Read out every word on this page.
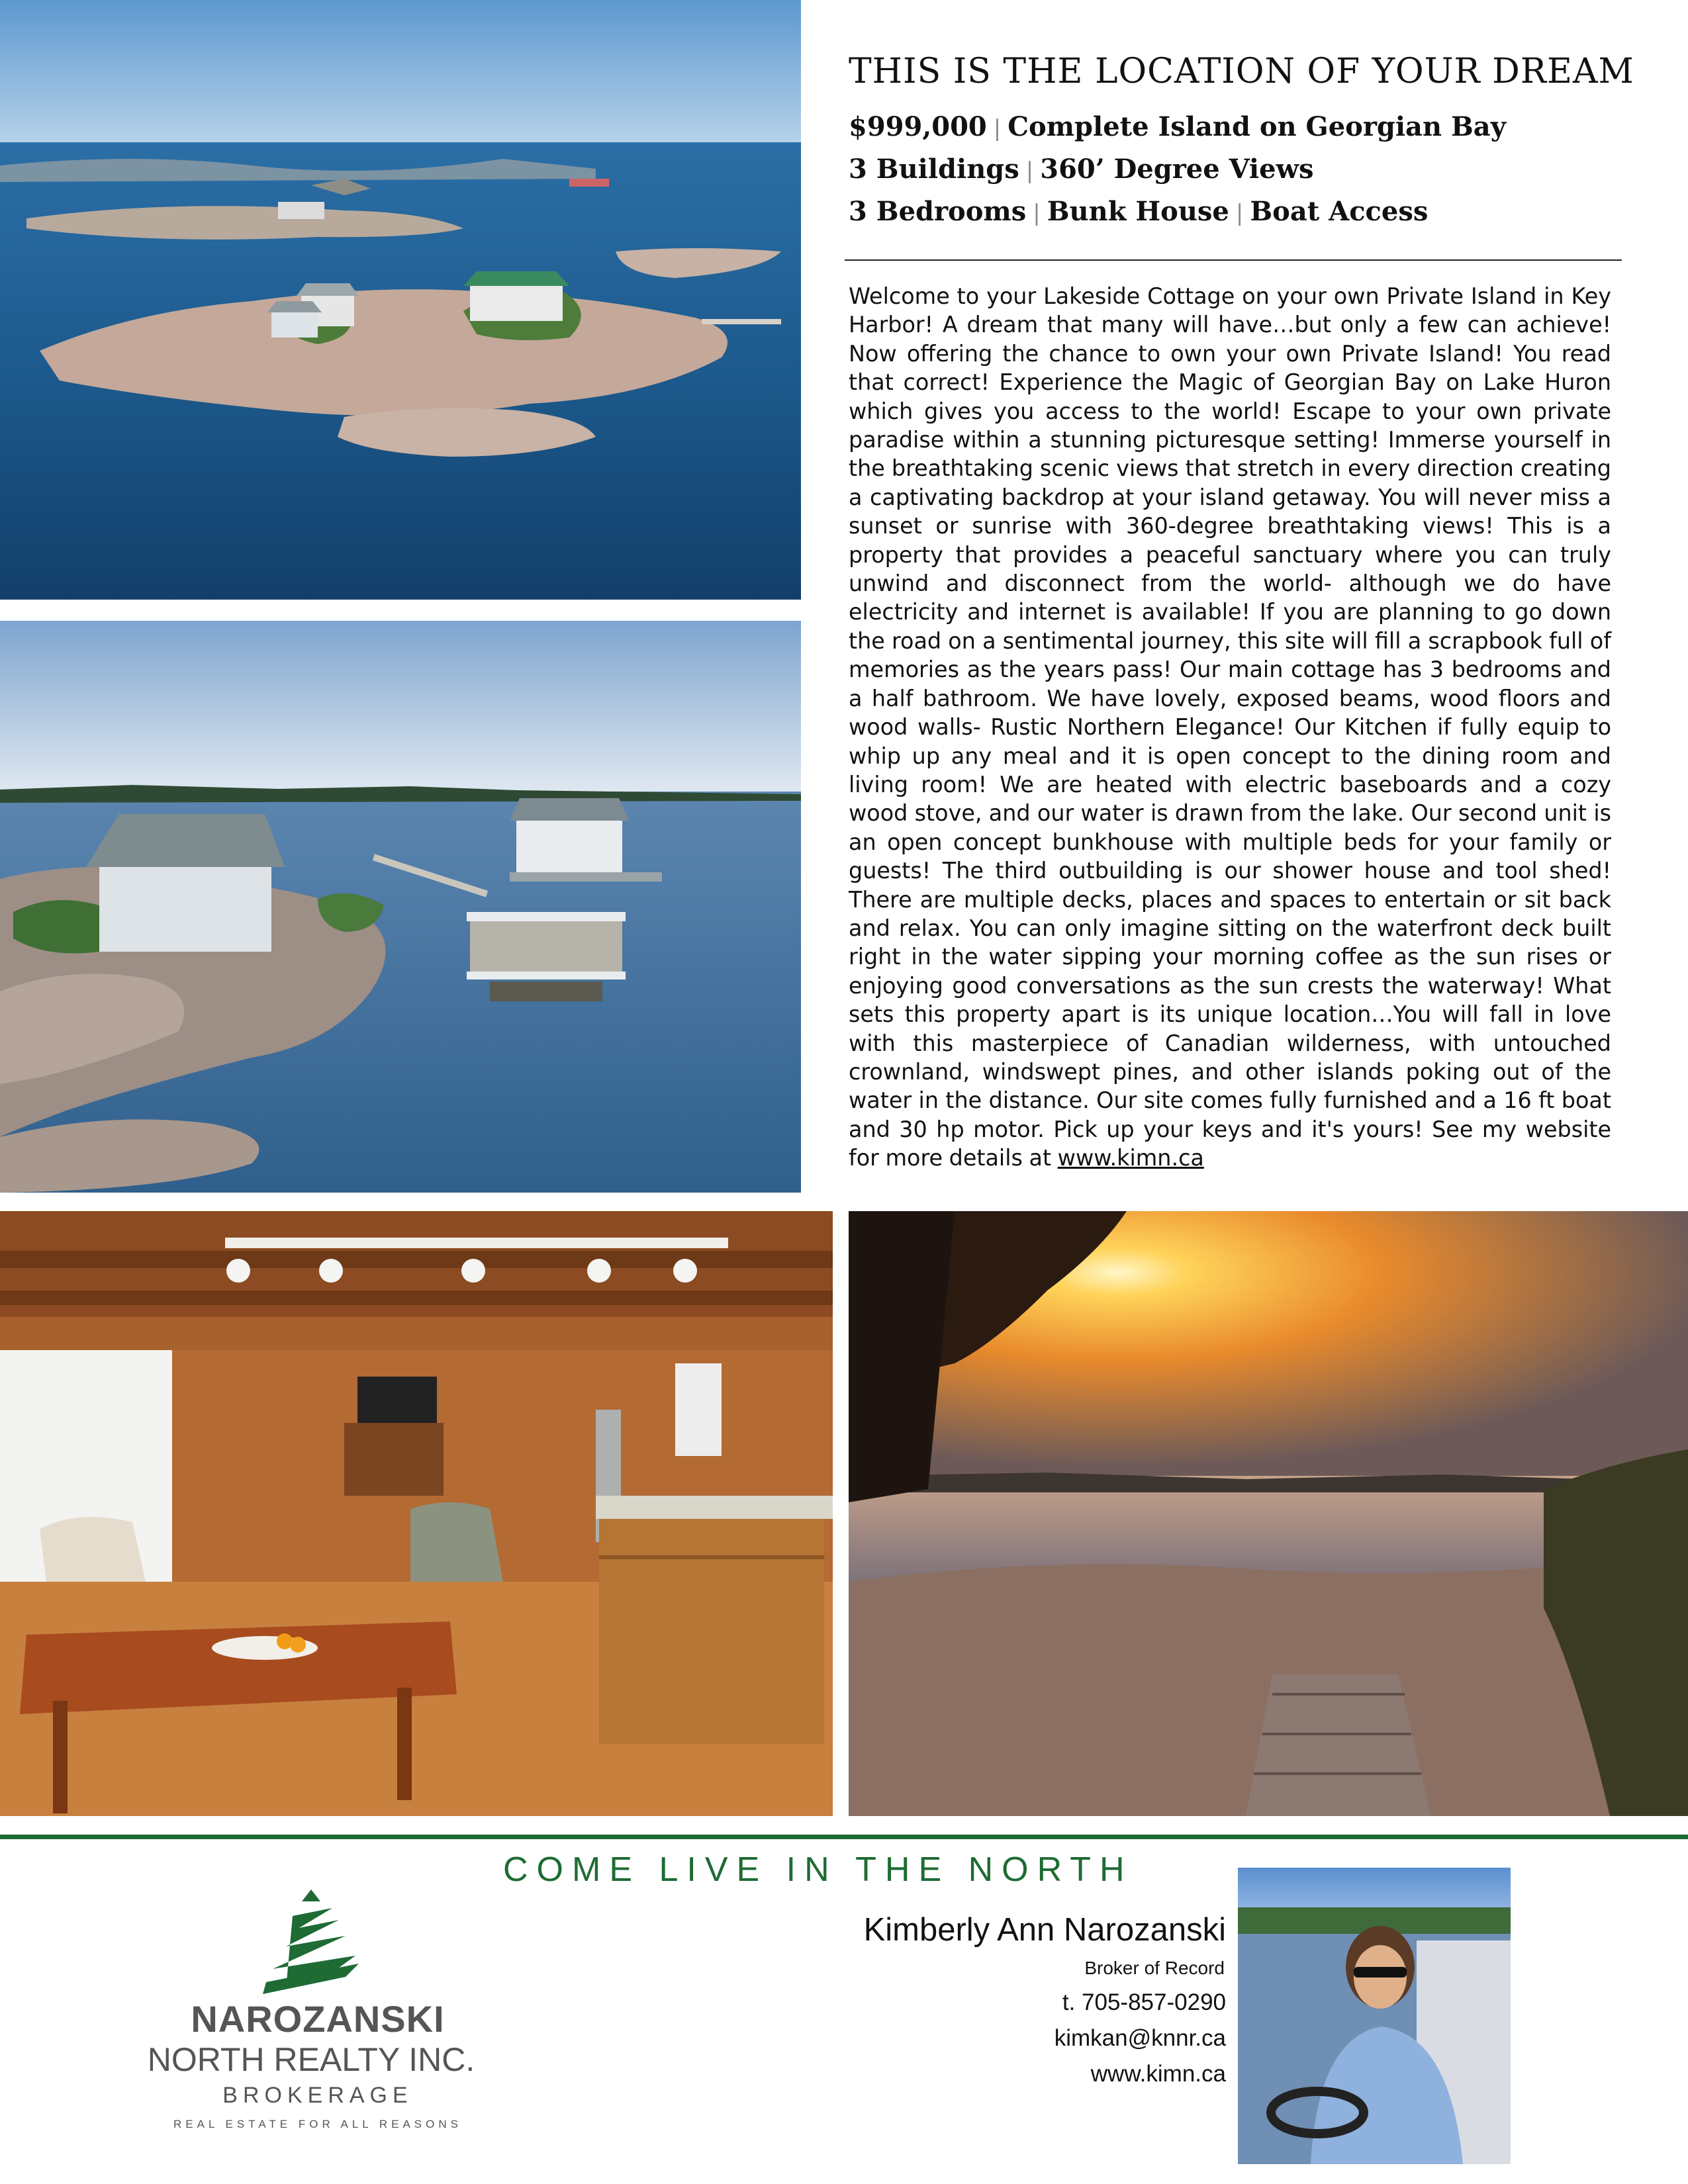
THIS IS THE LOCATION OF YOUR DREAM
$999,000 | Complete Island on Georgian Bay
3 Buildings | 360’ Degree Views
3 Bedrooms | Bunk House | Boat Access
Welcome to your Lakeside Cottage on your own Private Island in Key Harbor! A dream that many will have…but only a few can achieve! Now offering the chance to own your own Private Island! You read that correct! Experience the Magic of Georgian Bay on Lake Huron which gives you access to the world! Escape to your own private paradise within a stunning picturesque setting! Immerse yourself in the breathtaking scenic views that stretch in every direction creating a captivating backdrop at your island getaway. You will never miss a sunset or sunrise with 360-degree breathtaking views! This is a property that provides a peaceful sanctuary where you can truly unwind and disconnect from the world- although we do have electricity and internet is available! If you are planning to go down the road on a sentimental journey, this site will fill a scrapbook full of memories as the years pass! Our main cottage has 3 bedrooms and a half bathroom. We have lovely, exposed beams, wood floors and wood walls- Rustic Northern Elegance! Our Kitchen if fully equip to whip up any meal and it is open concept to the dining room and living room! We are heated with electric baseboards and a cozy wood stove, and our water is drawn from the lake. Our second unit is an open concept bunkhouse with multiple beds for your family or guests! The third outbuilding is our shower house and tool shed! There are multiple decks, places and spaces to entertain or sit back and relax. You can only imagine sitting on the waterfront deck built right in the water sipping your morning coffee as the sun rises or enjoying good conversations as the sun crests the waterway! What sets this property apart is its unique location…You will fall in love with this masterpiece of Canadian wilderness, with untouched crownland, windswept pines, and other islands poking out of the water in the distance. Our site comes fully furnished and a 16 ft boat and 30 hp motor. Pick up your keys and it's yours! See my website for more details at www.kimn.ca
COME LIVE IN THE NORTH
NAROZANSKI
NORTH REALTY INC.
BROKERAGE
REAL ESTATE FOR ALL REASONS
Kimberly Ann Narozanski
Broker of Record
t. 705-857-0290
kimkan@knnr.ca
www.kimn.ca
